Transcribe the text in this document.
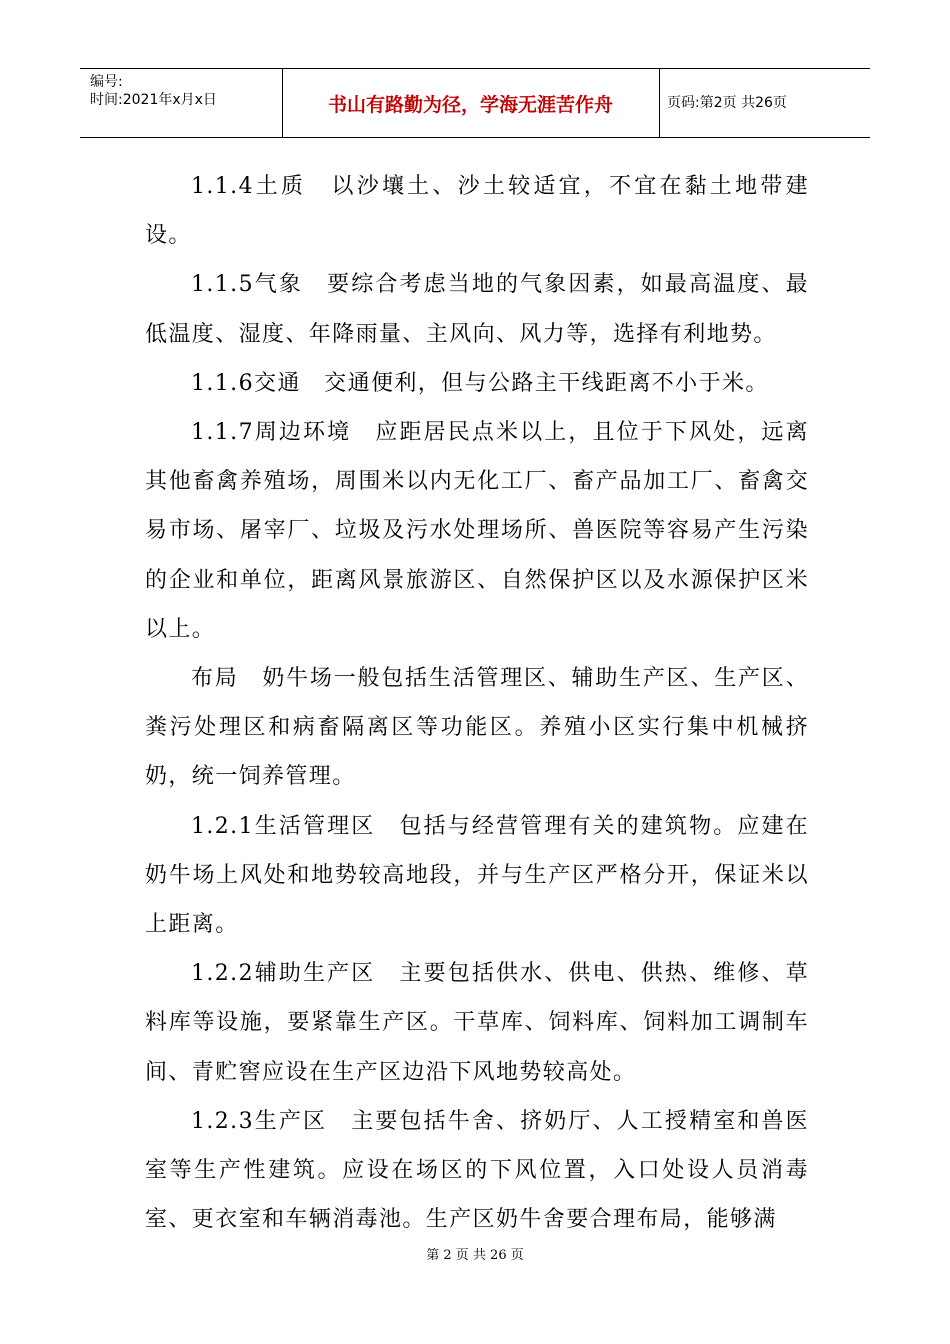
编号:
时间:2021年x月x日	书山有路勤为径，学海无涯苦作舟	页码:第2页 共26页

1.1.4土质　以沙壤土、沙土较适宜，不宜在黏土地带建设。

1.1.5气象　要综合考虑当地的气象因素，如最高温度、最低温度、湿度、年降雨量、主风向、风力等，选择有利地势。

1.1.6交通　交通便利，但与公路主干线距离不小于米。

1.1.7周边环境　应距居民点米以上，且位于下风处，远离其他畜禽养殖场，周围米以内无化工厂、畜产品加工厂、畜禽交易市场、屠宰厂、垃圾及污水处理场所、兽医院等容易产生污染的企业和单位，距离风景旅游区、自然保护区以及水源保护区米以上。

布局　奶牛场一般包括生活管理区、辅助生产区、生产区、粪污处理区和病畜隔离区等功能区。养殖小区实行集中机械挤奶，统一饲养管理。

1.2.1生活管理区　包括与经营管理有关的建筑物。应建在奶牛场上风处和地势较高地段，并与生产区严格分开，保证米以上距离。

1.2.2辅助生产区　主要包括供水、供电、供热、维修、草料库等设施，要紧靠生产区。干草库、饲料库、饲料加工调制车间、青贮窖应设在生产区边沿下风地势较高处。

1.2.3生产区　主要包括牛舍、挤奶厅、人工授精室和兽医室等生产性建筑。应设在场区的下风位置，入口处设人员消毒室、更衣室和车辆消毒池。生产区奶牛舍要合理布局，能够满

第 2 页 共 26 页
